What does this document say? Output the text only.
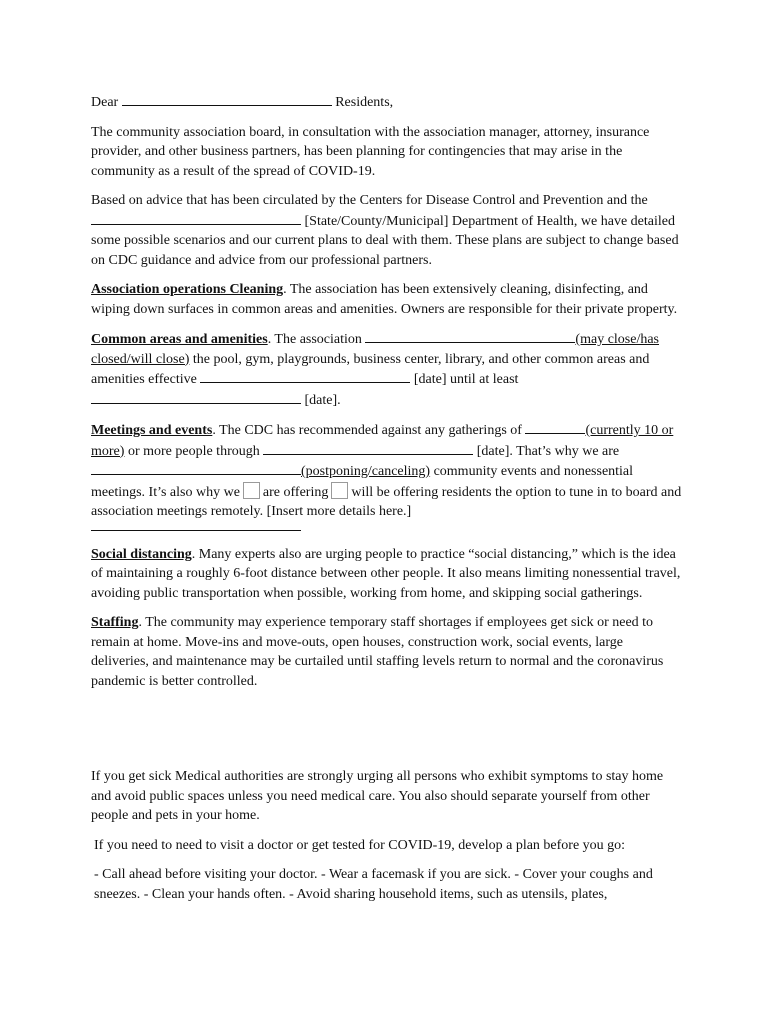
Dear	Residents,

The community association board, in consultation with the association manager, attorney, insurance provider, and other business partners, has been planning for contingencies that may arise in the community as a result of the spread of COVID-19.

Based on advice that has been circulated by the Centers for Disease Control and Prevention and the  [State/County/Municipal] Department of Health, we have detailed some possible scenarios and our current plans to deal with them. These plans are subject to change based on CDC guidance and advice from our professional partners.

Association operations Cleaning. The association has been extensively cleaning, disinfecting, and wiping down surfaces in common areas and amenities. Owners are responsible for their private property.

Common areas and amenities. The association	(may close/has closed/will close) the pool, gym, playgrounds, business center, library, and other common areas and amenities effective	[date] until at least  [date].

Meetings and events. The CDC has recommended against any gatherings of	(currently 10 or more) or more people through	[date]. That’s why we are (postponing/canceling) community events and nonessential meetings. It’s also why we are offering will be offering residents the option to tune in to board and association meetings remotely. [Insert more details here.]

Social distancing. Many experts also are urging people to practice “social distancing,” which is the idea of maintaining a roughly 6-foot distance between other people. It also means limiting nonessential travel, avoiding public transportation when possible, working from home, and skipping social gatherings.

Staffing. The community may experience temporary staff shortages if employees get sick or need to remain at home. Move-ins and move-outs, open houses, construction work, social events, large deliveries, and maintenance may be curtailed until staffing levels return to normal and the coronavirus pandemic is better controlled.

If you get sick Medical authorities are strongly urging all persons who exhibit symptoms to stay home and avoid public spaces unless you need medical care. You also should separate yourself from other people and pets in your home.

If you need to need to visit a doctor or get tested for COVID-19, develop a plan before you go:

- Call ahead before visiting your doctor. - Wear a facemask if you are sick. - Cover your coughs and sneezes. - Clean your hands often. - Avoid sharing household items, such as utensils, plates,
